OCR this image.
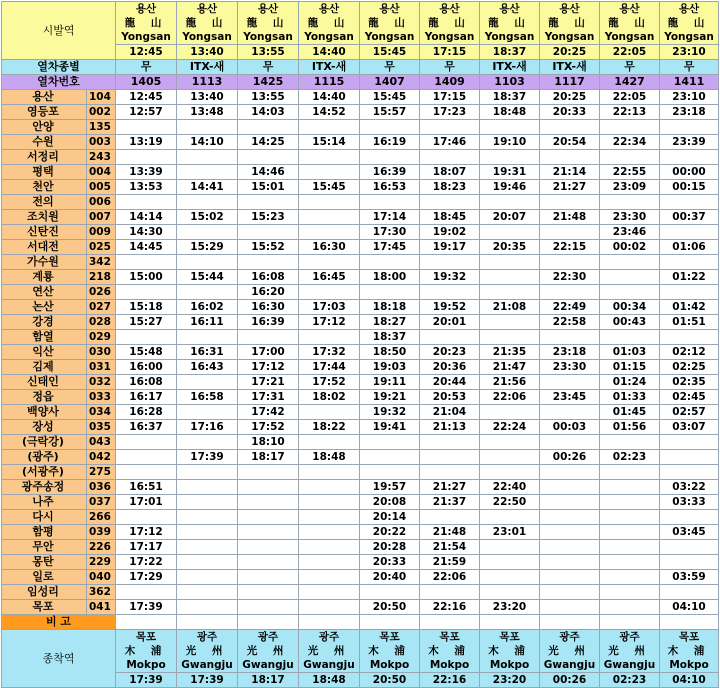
시발역		용산	용산	용산	용산	용산	용산	용산	용산	용산	용산
		龍 山	龍 山	龍 山	龍 山	龍 山	龍 山	龍 山	龍 山	龍 山	龍 山
		Yongsan	Yongsan	Yongsan	Yongsan	Yongsan	Yongsan	Yongsan	Yongsan	Yongsan	Yongsan
		12:45	13:40	13:55	14:40	15:45	17:15	18:37	20:25	22:05	23:10
열차종별		무	ITX-새	무	ITX-새	무	무	ITX-새	ITX-새	무	무
열차번호		1405	1113	1425	1115	1407	1409	1103	1117	1427	1411
용산	104	12:45	13:40	13:55	14:40	15:45	17:15	18:37	20:25	22:05	23:10
영등포	002	12:57	13:48	14:03	14:52	15:57	17:23	18:48	20:33	22:13	23:18
안양	135										
수원	003	13:19	14:10	14:25	15:14	16:19	17:46	19:10	20:54	22:34	23:39
서정리	243										
평택	004	13:39		14:46		16:39	18:07	19:31	21:14	22:55	00:00
천안	005	13:53	14:41	15:01	15:45	16:53	18:23	19:46	21:27	23:09	00:15
전의	006										
조치원	007	14:14	15:02	15:23		17:14	18:45	20:07	21:48	23:30	00:37
신탄진	009	14:30				17:30	19:02			23:46	
서대전	025	14:45	15:29	15:52	16:30	17:45	19:17	20:35	22:15	00:02	01:06
가수원	342										
계룡	218	15:00	15:44	16:08	16:45	18:00	19:32		22:30		01:22
연산	026			16:20							
논산	027	15:18	16:02	16:30	17:03	18:18	19:52	21:08	22:49	00:34	01:42
강경	028	15:27	16:11	16:39	17:12	18:27	20:01		22:58	00:43	01:51
함열	029					18:37					
익산	030	15:48	16:31	17:00	17:32	18:50	20:23	21:35	23:18	01:03	02:12
김제	031	16:00	16:43	17:12	17:44	19:03	20:36	21:47	23:30	01:15	02:25
신태인	032	16:08		17:21	17:52	19:11	20:44	21:56		01:24	02:35
정읍	033	16:17	16:58	17:31	18:02	19:21	20:53	22:06	23:45	01:33	02:45
백양사	034	16:28		17:42		19:32	21:04			01:45	02:57
장성	035	16:37	17:16	17:52	18:22	19:41	21:13	22:24	00:03	01:56	03:07
(극락강)	043			18:10							
(광주)	042		17:39	18:17	18:48				00:26	02:23	
(서광주)	275										
광주송정	036	16:51				19:57	21:27	22:40			03:22
나주	037	17:01				20:08	21:37	22:50			03:33
다시	266					20:14					
함평	039	17:12				20:22	21:48	23:01			03:45
무안	226	17:17				20:28	21:54				
몽탄	229	17:22				20:33	21:59				
일로	040	17:29				20:40	22:06				03:59
임성리	362										
목포	041	17:39				20:50	22:16	23:20			04:10
비 고											
종착역		목포	광주	광주	광주	목포	목포	목포	광주	광주	목포
		木 浦	光 州	光 州	光 州	木 浦	木 浦	木 浦	光 州	光 州	木 浦
		Mokpo	Gwangju	Gwangju	Gwangju	Mokpo	Mokpo	Mokpo	Gwangju	Gwangju	Mokpo
		17:39	17:39	18:17	18:48	20:50	22:16	23:20	00:26	02:23	04:10
